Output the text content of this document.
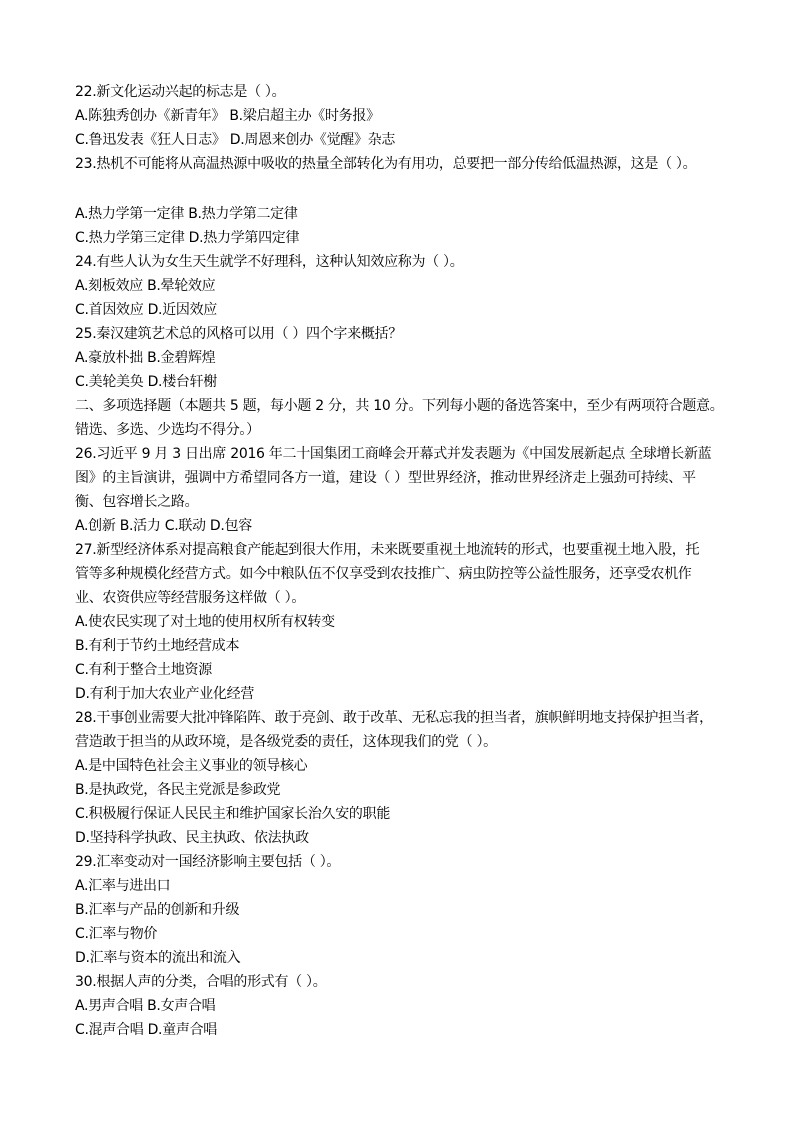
22.新文化运动兴起的标志是（ ）。
A.陈独秀创办《新青年》 B.梁启超主办《时务报》
C.鲁迅发表《狂人日志》 D.周恩来创办《觉醒》杂志
23.热机不可能将从高温热源中吸收的热量全部转化为有用功，总要把一部分传给低温热源，这是（ ）。
A.热力学第一定律 B.热力学第二定律
C.热力学第三定律 D.热力学第四定律
24.有些人认为女生天生就学不好理科，这种认知效应称为（ ）。
A.刻板效应 B.晕轮效应
C.首因效应 D.近因效应
25.秦汉建筑艺术总的风格可以用（ ）四个字来概括？
A.豪放朴拙 B.金碧辉煌
C.美轮美奂 D.楼台轩榭
二、多项选择题（本题共 5 题，每小题 2 分，共 10 分。下列每小题的备选答案中，至少有两项符合题意。
错选、多选、少选均不得分。）
26.习近平 9 月 3 日出席 2016 年二十国集团工商峰会开幕式并发表题为《中国发展新起点 全球增长新蓝
图》的主旨演讲，强调中方希望同各方一道，建设（ ）型世界经济，推动世界经济走上强劲可持续、平
衡、包容增长之路。
A.创新 B.活力 C.联动 D.包容
27.新型经济体系对提高粮食产能起到很大作用，未来既要重视土地流转的形式，也要重视土地入股，托
管等多种规模化经营方式。如今中粮队伍不仅享受到农技推广、病虫防控等公益性服务，还享受农机作
业、农资供应等经营服务这样做（ ）。
A.使农民实现了对土地的使用权所有权转变
B.有利于节约土地经营成本
C.有利于整合土地资源
D.有利于加大农业产业化经营
28.干事创业需要大批冲锋陷阵、敢于亮剑、敢于改革、无私忘我的担当者，旗帜鲜明地支持保护担当者，
营造敢于担当的从政环境，是各级党委的责任，这体现我们的党（ ）。
A.是中国特色社会主义事业的领导核心
B.是执政党，各民主党派是参政党
C.积极履行保证人民民主和维护国家长治久安的职能
D.坚持科学执政、民主执政、依法执政
29.汇率变动对一国经济影响主要包括（ ）。
A.汇率与进出口
B.汇率与产品的创新和升级
C.汇率与物价
D.汇率与资本的流出和流入
30.根据人声的分类，合唱的形式有（ ）。
A.男声合唱 B.女声合唱
C.混声合唱 D.童声合唱
